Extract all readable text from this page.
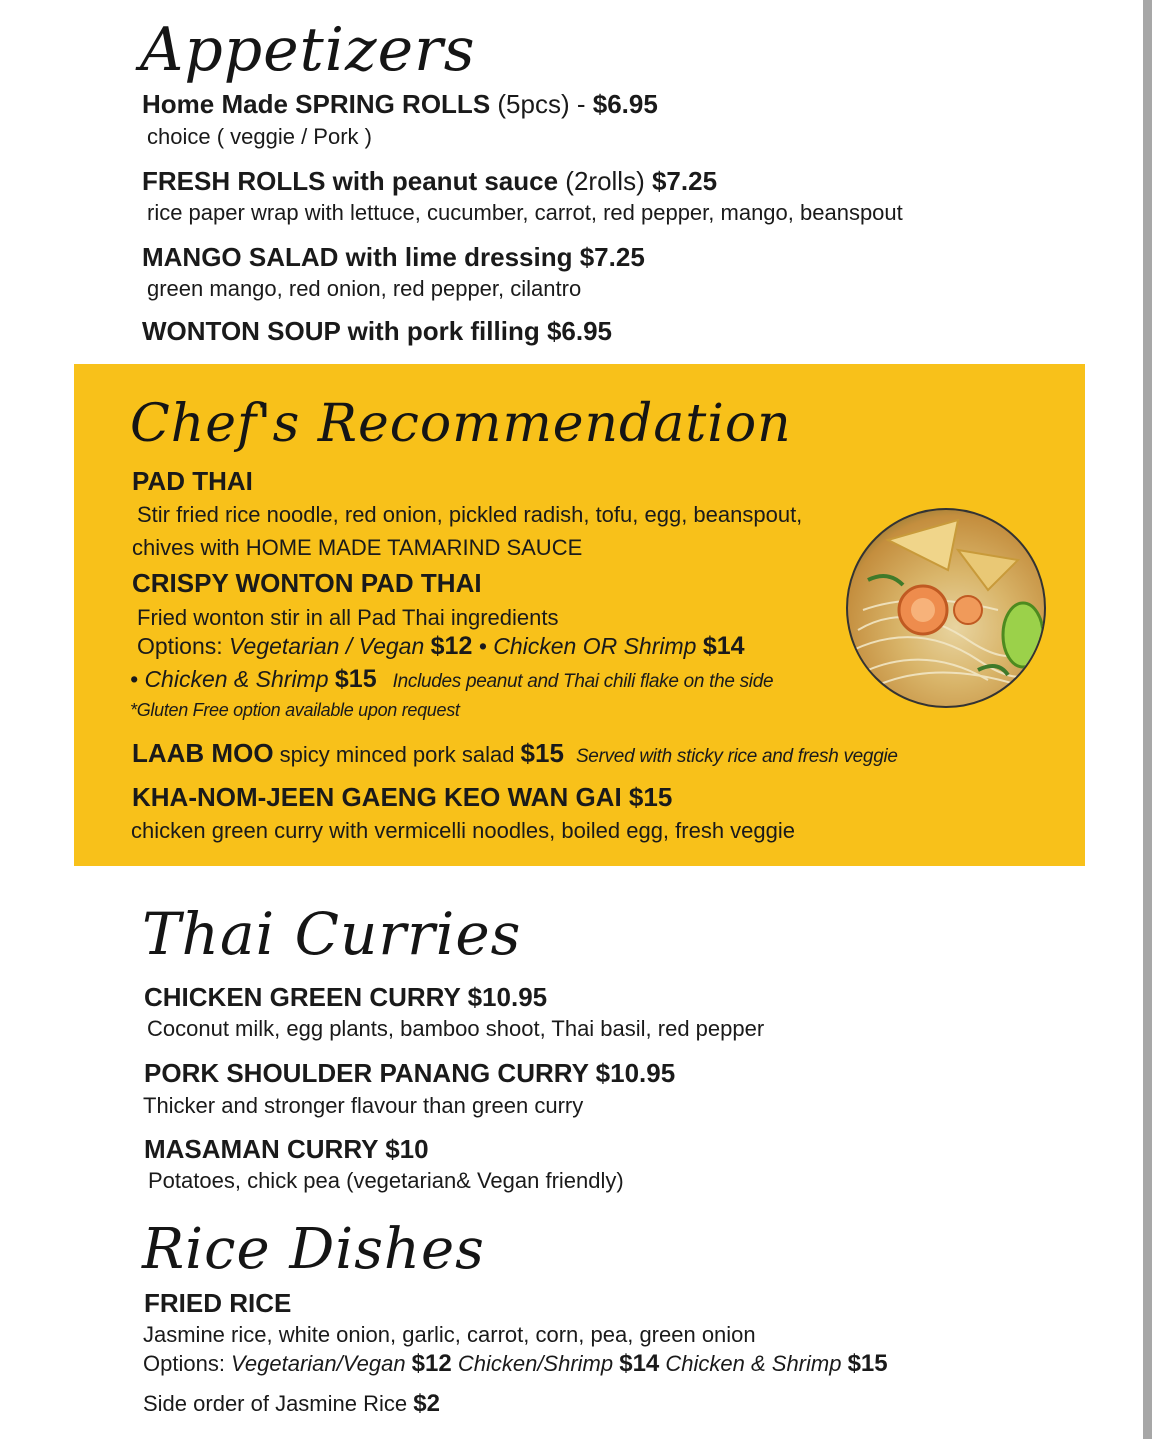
Appetizers
Home Made SPRING ROLLS (5pcs) - $6.95
choice ( veggie / Pork )
FRESH ROLLS with peanut sauce (2rolls) $7.25
rice paper wrap with lettuce, cucumber, carrot, red pepper, mango, beanspout
MANGO SALAD with lime dressing $7.25
green mango, red onion, red pepper, cilantro
WONTON SOUP with pork filling $6.95
Chef's Recommendation
PAD THAI
Stir fried rice noodle, red onion, pickled radish, tofu, egg, beanspout,
chives with HOME MADE TAMARIND SAUCE
CRISPY WONTON PAD THAI
Fried wonton stir in all Pad Thai ingredients
Options: Vegetarian / Vegan $12 • Chicken OR Shrimp $14
• Chicken & Shrimp $15 Includes peanut and Thai chili flake on the side
*Gluten Free option available upon request
LAAB MOO spicy minced pork salad $15 Served with sticky rice and fresh veggie
KHA-NOM-JEEN GAENG KEO WAN GAI $15
chicken green curry with vermicelli noodles, boiled egg, fresh veggie
Thai Curries
CHICKEN GREEN CURRY $10.95
Coconut milk, egg plants, bamboo shoot, Thai basil, red pepper
PORK SHOULDER PANANG CURRY $10.95
Thicker and stronger flavour than green curry
MASAMAN CURRY $10
Potatoes, chick pea (vegetarian& Vegan friendly)
Rice Dishes
FRIED RICE
Jasmine rice, white onion, garlic, carrot, corn, pea, green onion
Options: Vegetarian/Vegan $12 Chicken/Shrimp $14 Chicken & Shrimp $15
Side order of Jasmine Rice $2
